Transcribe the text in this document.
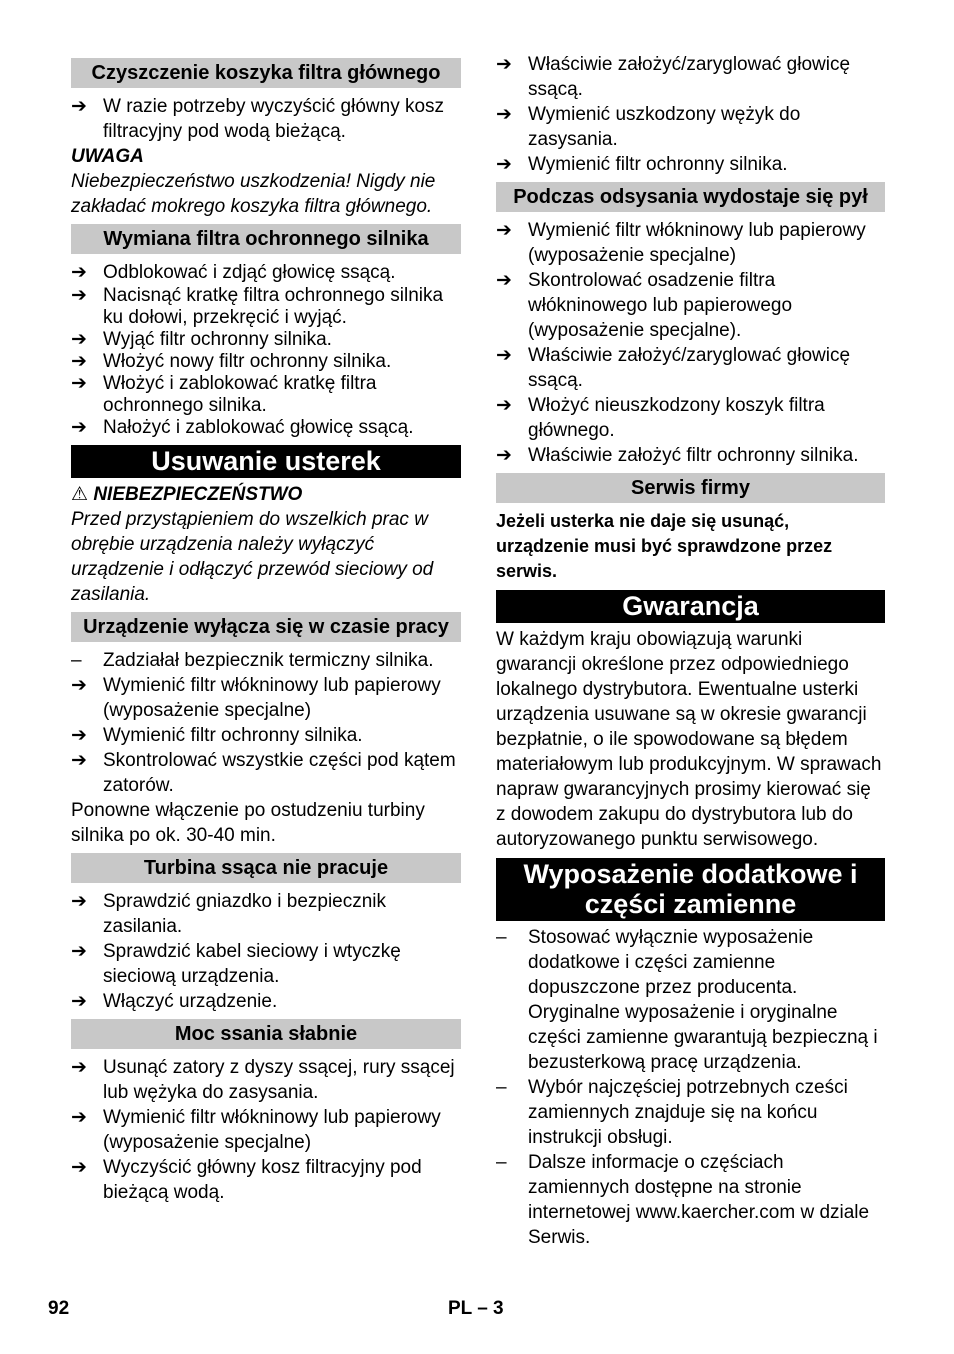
Czyszczenie koszyka filtra głównego
➔ W razie potrzeby wyczyścić główny kosz filtracyjny pod wodą bieżącą.
UWAGA
Niebezpieczeństwo uszkodzenia! Nigdy nie zakładać mokrego koszyka filtra głównego.
Wymiana filtra ochronnego silnika
➔ Odblokować i zdjąć głowicę ssącą.
➔ Nacisnąć kratkę filtra ochronnego silnika ku dołowi, przekręcić i wyjąć.
➔ Wyjąć filtr ochronny silnika.
➔ Włożyć nowy filtr ochronny silnika.
➔ Włożyć i zablokować kratkę filtra ochronnego silnika.
➔ Nałożyć i zablokować głowicę ssącą.
Usuwanie usterek
⚠ NIEBEZPIECZEŃSTWO
Przed przystąpieniem do wszelkich prac w obrębie urządzenia należy wyłączyć urządzenie i odłączyć przewód sieciowy od zasilania.
Urządzenie wyłącza się w czasie pracy
–	Zadziałał bezpiecznik termiczny silnika.
➔ Wymienić filtr włókninowy lub papierowy (wyposażenie specjalne)
➔ Wymienić filtr ochronny silnika.
➔ Skontrolować wszystkie części pod kątem zatorów.
Ponowne włączenie po ostudzeniu turbiny silnika po ok. 30-40 min.
Turbina ssąca nie pracuje
➔ Sprawdzić gniazdko i bezpiecznik zasilania.
➔ Sprawdzić kabel sieciowy i wtyczkę sieciową urządzenia.
➔ Włączyć urządzenie.
Moc ssania słabnie
➔ Usunąć zatory z dyszy ssącej, rury ssącej lub wężyka do zasysania.
➔ Wymienić filtr włókninowy lub papierowy (wyposażenie specjalne)
➔ Wyczyścić główny kosz filtracyjny pod bieżącą wodą.
➔ Właściwie założyć/zaryglować głowicę ssącą.
➔ Wymienić uszkodzony wężyk do zasysania.
➔ Wymienić filtr ochronny silnika.
Podczas odsysania wydostaje się pył
➔ Wymienić filtr włókninowy lub papierowy (wyposażenie specjalne)
➔ Skontrolować osadzenie filtra włókninowego lub papierowego (wyposażenie specjalne).
➔ Właściwie założyć/zaryglować głowicę ssącą.
➔ Włożyć nieuszkodzony koszyk filtra głównego.
➔ Właściwie założyć filtr ochronny silnika.
Serwis firmy
Jeżeli usterka nie daje się usunąć, urządzenie musi być sprawdzone przez serwis.
Gwarancja
W każdym kraju obowiązują warunki gwarancji określone przez odpowiedniego lokalnego dystrybutora. Ewentualne usterki urządzenia usuwane są w okresie gwarancji bezpłatnie, o ile spowodowane są błędem materiałowym lub produkcyjnym. W sprawach napraw gwarancyjnych prosimy kierować się z dowodem zakupu do dystrybutora lub do autoryzowanego punktu serwisowego.
Wyposażenie dodatkowe i części zamienne
–	Stosować wyłącznie wyposażenie dodatkowe i części zamienne dopuszczone przez producenta. Oryginalne wyposażenie i oryginalne części zamienne gwarantują bezpieczną i bezusterkową pracę urządzenia.
–	Wybór najczęściej potrzebnych cześci zamiennych znajduje się na końcu instrukcji obsługi.
–	Dalsze informacje o częściach zamiennych dostępne na stronie internetowej www.kaercher.com w dziale Serwis.
92	PL – 3
